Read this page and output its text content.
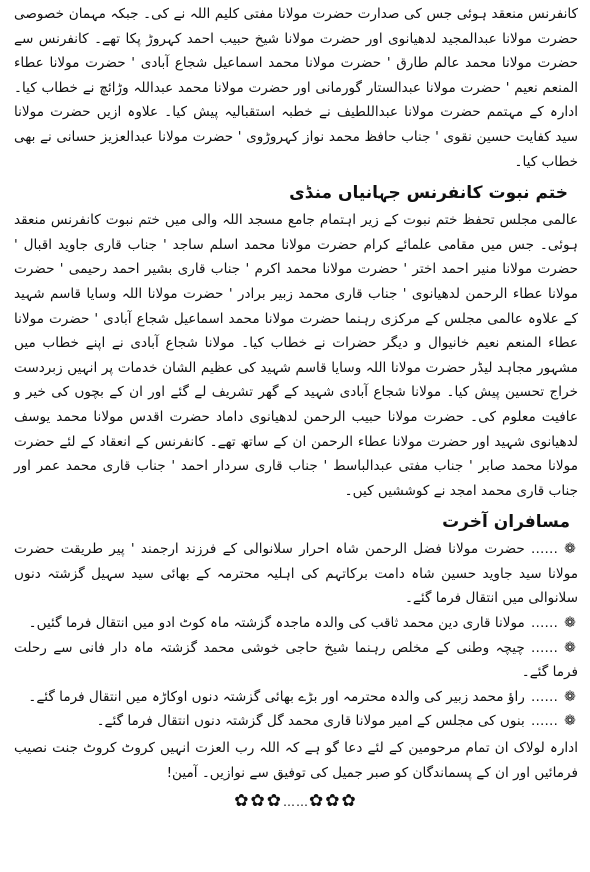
کانفرنس منعقد ہوئی جس کی صدارت حضرت مولانا مفتی کلیم اللہ نے کی۔ جبکہ مہمان خصوصی حضرت مولانا عبدالمجید لدھیانوی اور حضرت مولانا شیخ حبیب احمد کہروڑ پکا تھے۔ کانفرنس سے حضرت مولانا محمد عالم طارق ' حضرت مولانا محمد اسماعیل شجاع آبادی ' حضرت مولانا عطاء المنعم نعیم ' حضرت مولانا عبدالستار گورمانی اور حضرت مولانا محمد عبداللہ وڑائچ نے خطاب کیا۔ ادارہ کے مہتمم حضرت مولانا عبداللطیف نے خطبہ استقبالیہ پیش کیا۔ علاوہ ازیں حضرت مولانا سید کفایت حسین نقوی ' جناب حافظ محمد نواز کہروڑوی ' حضرت مولانا عبدالعزیز حسانی نے بھی خطاب کیا۔

ختم نبوت کانفرنس جہانیاں منڈی

عالمی مجلس تحفظ ختم نبوت کے زیر اہتمام جامع مسجد اللہ والی میں ختم نبوت کانفرنس منعقد ہوئی۔ جس میں مقامی علمائے کرام حضرت مولانا محمد اسلم ساجد ' جناب قاری جاوید اقبال ' حضرت مولانا منیر احمد اختر ' حضرت مولانا محمد اکرم ' جناب قاری بشیر احمد رحیمی ' حضرت مولانا عطاء الرحمن لدھیانوی ' جناب قاری محمد زبیر برادر ' حضرت مولانا اللہ وسایا قاسم شہید کے علاوہ عالمی مجلس کے مرکزی رہنما حضرت مولانا محمد اسماعیل شجاع آبادی ' حضرت مولانا عطاء المنعم نعیم خانیوال و دیگر حضرات نے خطاب کیا۔ مولانا شجاع آبادی نے اپنے خطاب میں مشہور مجاہد لیڈر حضرت مولانا اللہ وسایا قاسم شہید کی عظیم الشان خدمات پر انہیں زبردست خراج تحسین پیش کیا۔ مولانا شجاع آبادی شہید کے گھر تشریف لے گئے اور ان کے بچوں کی خیر و عافیت معلوم کی۔ حضرت مولانا حبیب الرحمن لدھیانوی داماد حضرت اقدس مولانا محمد یوسف لدھیانوی شہید اور حضرت مولانا عطاء الرحمن ان کے ساتھ تھے۔ کانفرنس کے انعقاد کے لئے حضرت مولانا محمد صابر ' جناب مفتی عبدالباسط ' جناب قاری سردار احمد ' جناب قاری محمد عمر اور جناب قاری محمد امجد نے کوششیں کیں۔

مسافران آخرت
❁……حضرت مولانا فضل الرحمن شاہ احرار سلانوالی کے فرزند ارجمند ' پیر طریقت حضرت مولانا سید جاوید حسین شاہ دامت برکاتہم کی اہلیہ محترمہ کے بھائی سید سہیل گزشتہ دنوں سلانوالی میں انتقال فرما گئے۔
❁……مولانا قاری دین محمد ثاقب کی والدہ ماجدہ گزشتہ ماہ کوٹ ادو میں انتقال فرما گئیں۔
❁……چیچہ وطنی کے مخلص رہنما شیخ حاجی خوشی محمد گزشتہ ماہ دار فانی سے رحلت فرما گئے۔
❁……راؤ محمد زبیر کی والدہ محترمہ اور بڑے بھائی گزشتہ دنوں اوکاڑہ میں انتقال فرما گئے۔
❁……بنوں کی مجلس کے امیر مولانا قاری محمد گل گزشتہ دنوں انتقال فرما گئے۔

ادارہ لولاک ان تمام مرحومین کے لئے دعا گو ہے کہ اللہ رب العزت انہیں کروٹ کروٹ جنت نصیب فرمائیں اور ان کے پسماندگان کو صبر جمیل کی توفیق سے نوازیں۔ آمین!

✿✿✿……✿✿✿
